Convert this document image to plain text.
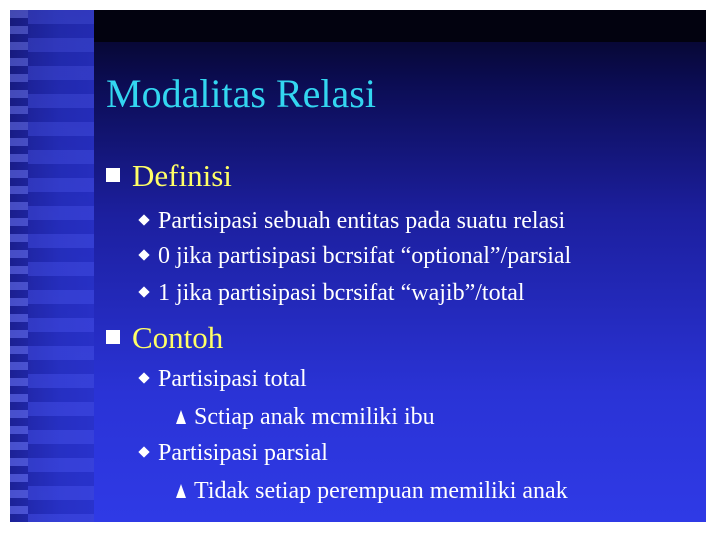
Modalitas Relasi
Definisi
Partisipasi sebuah entitas pada suatu relasi
0 jika partisipasi bcrsifat “optional”/parsial
1 jika partisipasi bcrsifat “wajib”/total
Contoh
Partisipasi total
Sctiap anak mcmiliki ibu
Partisipasi parsial
Tidak setiap perempuan memiliki anak
